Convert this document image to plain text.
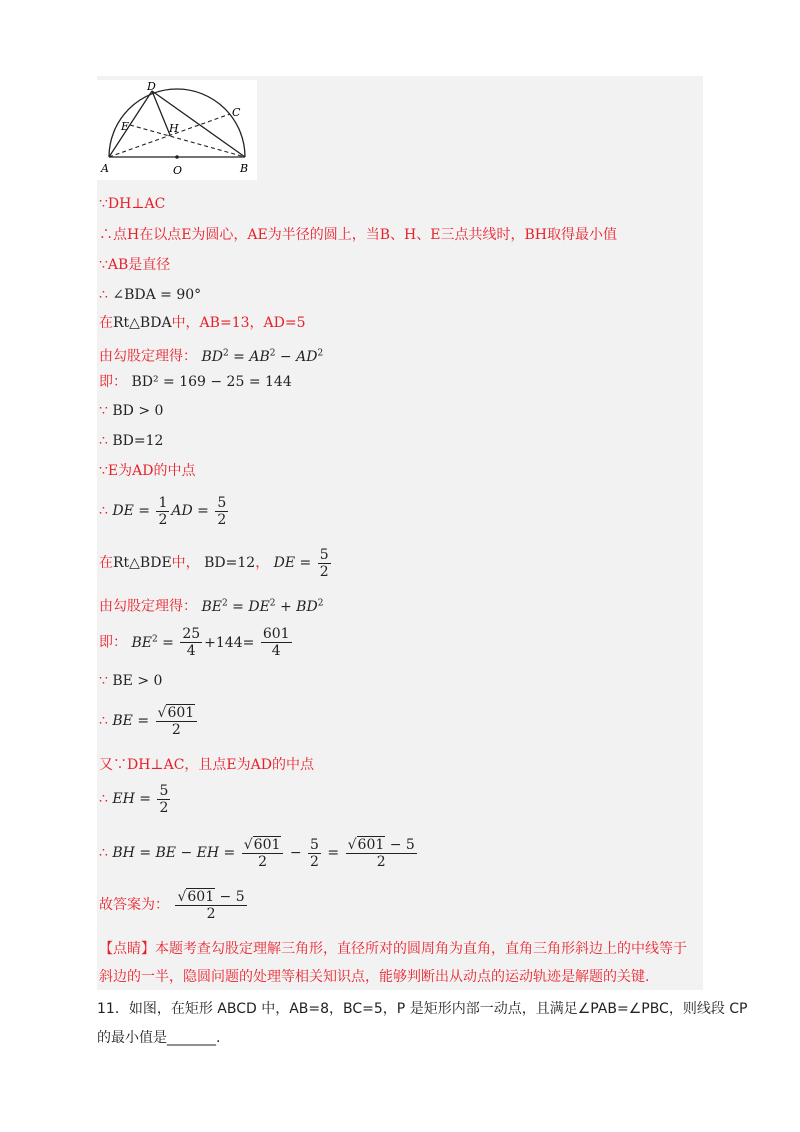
D
C
E	H
A	O	B
∵DH⊥AC
∴点H在以点E为圆心，AE为半径的圆上，当B、H、E三点共线时，BH取得最小值
∵AB是直径
∴ ∠BDA = 90°
在Rt△BDA中，AB=13，AD=5
由勾股定理得： $BD^2 = AB^2 - AD^2$
即： BD² = 169 − 25 = 144
∵ BD > 0
∴ BD=12
∵E为AD的中点
∴ DE = $\frac{1}{2}$ AD = $\frac{5}{2}$
在Rt△BDE中， BD=12， DE = $\frac{5}{2}$
由勾股定理得： $BE^2 = DE^2 + BD^2$
即： $BE^2 = \frac{25}{4} +144= \frac{601}{4}$
∵ BE > 0
∴ BE = $\frac{√601}{2}$
又∵DH⊥AC，且点E为AD的中点
∴ EH = $\frac{5}{2}$
∴ BH = BE − EH = $\frac{√601}{2} - \frac{5}{2} = \frac{√601 - 5}{2}$
故答案为： $\frac{√601 - 5}{2}$
【点睛】本题考查勾股定理解三角形，直径所对的圆周角为直角，直角三角形斜边上的中线等于
斜边的一半，隐圆问题的处理等相关知识点，能够判断出从动点的运动轨迹是解题的关键.
11．如图，在矩形 ABCD 中，AB=8，BC=5，P 是矩形内部一动点，且满足∠PAB=∠PBC，则线段 CP
的最小值是_______.
